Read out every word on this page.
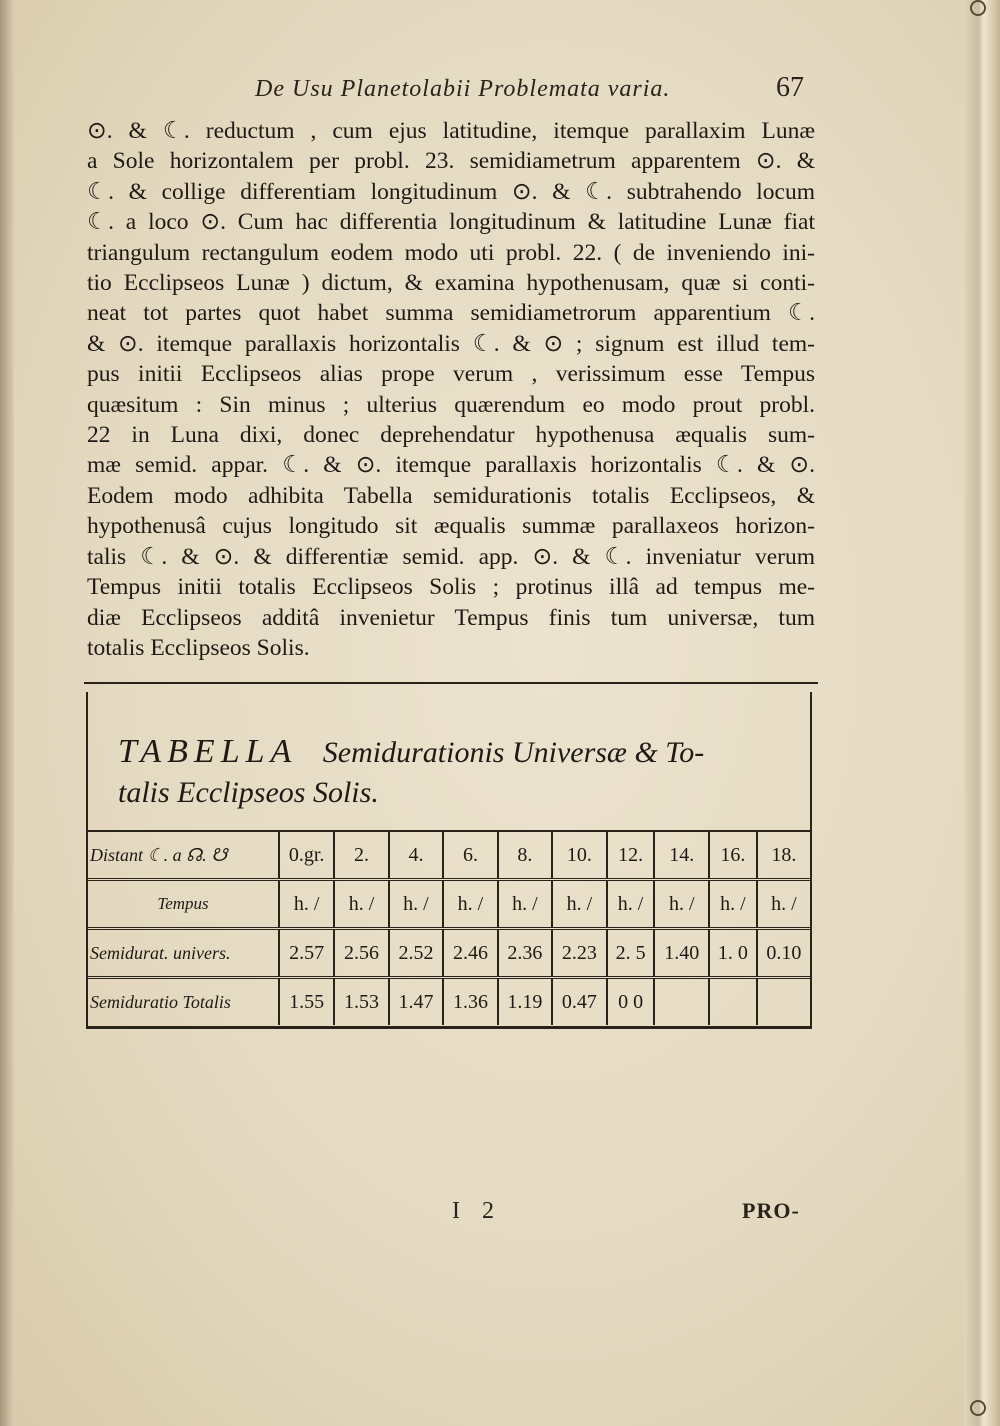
De Usu Planetolabii Problemata varia.	67
⊙. & ☾. reductum , cum ejus latitudine, itemque parallaxim Lunæ
a Sole horizontalem per probl. 23. semidiametrum apparentem ⊙. &
☾. & collige differentiam longitudinum ⊙. & ☾. subtrahendo locum
☾. a loco ⊙. Cum hac differentia longitudinum & latitudine Lunæ fiat
triangulum rectangulum eodem modo uti probl. 22. ( de inveniendo ini-
tio Ecclipseos Lunæ ) dictum, & examina hypothenusam, quæ si conti-
neat tot partes quot habet summa semidiametrorum apparentium ☾.
& ⊙. itemque parallaxis horizontalis ☾. & ⊙ ; signum est illud tem-
pus initii Ecclipseos alias prope verum , verissimum esse Tempus
quæsitum : Sin minus ; ulterius quærendum eo modo prout probl.
22 in Luna dixi, donec deprehendatur hypothenusa æqualis sum-
mæ semid. appar. ☾. & ⊙. itemque parallaxis horizontalis ☾. & ⊙.
Eodem modo adhibita Tabella semidurationis totalis Ecclipseos, &
hypothenusâ cujus longitudo sit æqualis summæ parallaxeos horizon-
talis ☾. & ⊙. & differentiæ semid. app. ⊙. & ☾. inveniatur verum
Tempus initii totalis Ecclipseos Solis ; protinus illâ ad tempus me-
diæ Ecclipseos additâ invenietur Tempus finis tum universæ, tum
totalis Ecclipseos Solis.
TABELLA Semidurationis Universæ & To-
talis Ecclipseos Solis.
Distant ☾. a ☊. ☋	0.gr.	2.	4.	6.	8.	10.	12.	14.	16.	18.
Tempus	h. /	h. /	h. /	h. /	h. /	h. /	h. /	h. /	h. /	h. /
Semidurat. univers.	2.57	2.56	2.52	2.46	2.36	2.23	2. 5	1.40	1. 0	0.10
Semiduratio Totalis	1.55	1.53	1.47	1.36	1.19	0.47	0 0			
I 2	PRO-
